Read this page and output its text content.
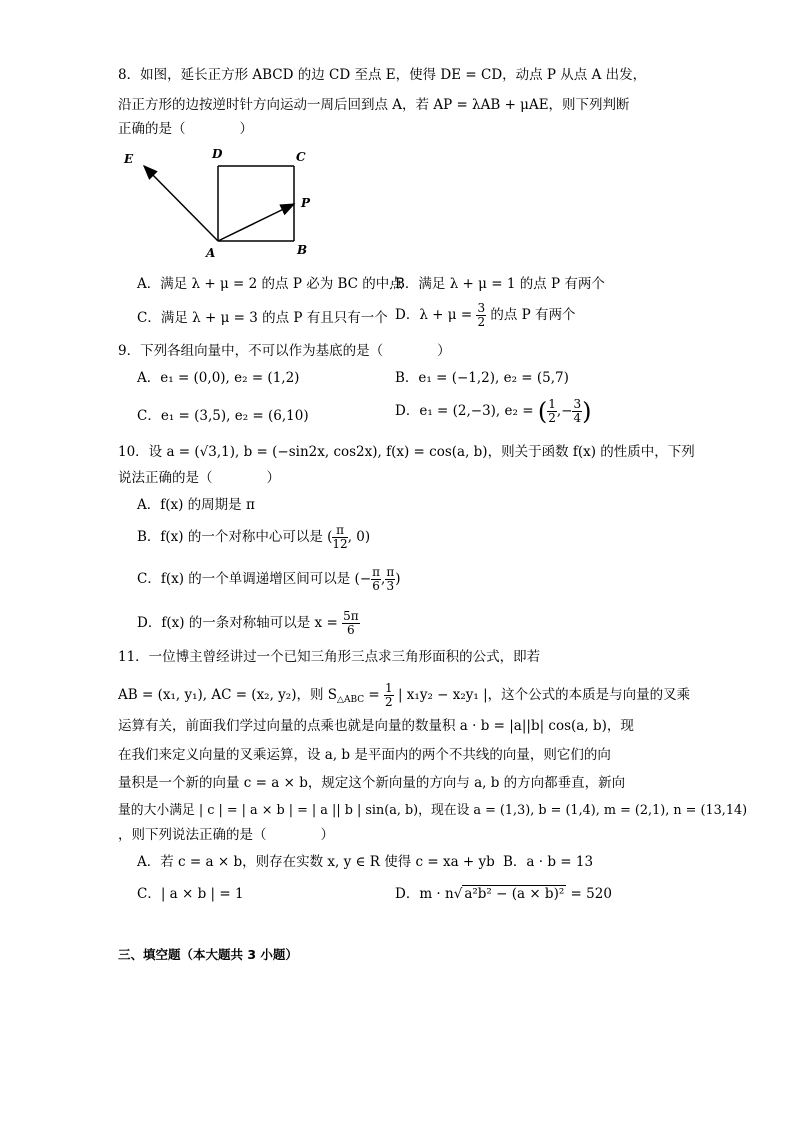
8．如图，延长正方形 ABCD 的边 CD 至点 E，使得 DE = CD，动点 P 从点 A 出发，
沿正方形的边按逆时针方向运动一周后回到点 A，若 AP = λAB + μAE，则下列判断
正确的是（　　　　）
E	D	C
P
A	B
A．满足 λ + μ = 2 的点 P 必为 BC 的中点
B．满足 λ + μ = 1 的点 P 有两个
C．满足 λ + μ = 3 的点 P 有且只有一个 D．$\lambda + \mu = \frac{3}{2}$ 的点 P 有两个
9．下列各组向量中，不可以作为基底的是（　　　　）
A．e₁ = (0,0), e₂ = (1,2)	B．e₁ = (−1,2), e₂ = (5,7)
C．e₁ = (3,5), e₂ = (6,10)	D．e₁ = (2,−3), e₂ = ( $\frac{1}{2}$ ,− $\frac{3}{4}$ )
10．设 a = (√3,1), b = (−sin2x, cos2x), f(x) = cos(a, b)，则关于函数 f(x) 的性质中，下列
说法正确的是（　　　　）
A．f(x) 的周期是 π
B．f(x) 的一个对称中心可以是 ( $\frac{\pi}{12}$ , 0)
C．f(x) 的一个单调递增区间可以是 (− $\frac{\pi}{6}$ , $\frac{\pi}{3}$ )
D．f(x) 的一条对称轴可以是 $x = \frac{5\pi}{6}$
11．一位博主曾经讲过一个已知三角形三点求三角形面积的公式，即若
AB = (x₁, y₁), AC = (x₂, y₂)，则 $S_{\triangle ABC} = \frac{1}{2}$ | x₁y₂ − x₂y₁ |，这个公式的本质是与向量的叉乘
运算有关，前面我们学过向量的点乘也就是向量的数量积 a · b = |a||b| cos(a, b)，现
在我们来定义向量的叉乘运算，设 a, b 是平面内的两个不共线的向量，则它们的向
量积是一个新的向量 c = a × b，规定这个新向量的方向与 a, b 的方向都垂直，新向
量的大小满足 | c | = | a × b | = | a || b | sin(a, b)，现在设 a = (1,3), b = (1,4), m = (2,1), n = (13,14)
，则下列说法正确的是（　　　　）
A．若 c = a × b，则存在实数 x, y ∈ R 使得 c = xa + yb B．a · b = 13
C．| a × b | = 1	D．m · n√ a²b² − (a × b)² = 520
三、填空题（本大题共 3 小题）
